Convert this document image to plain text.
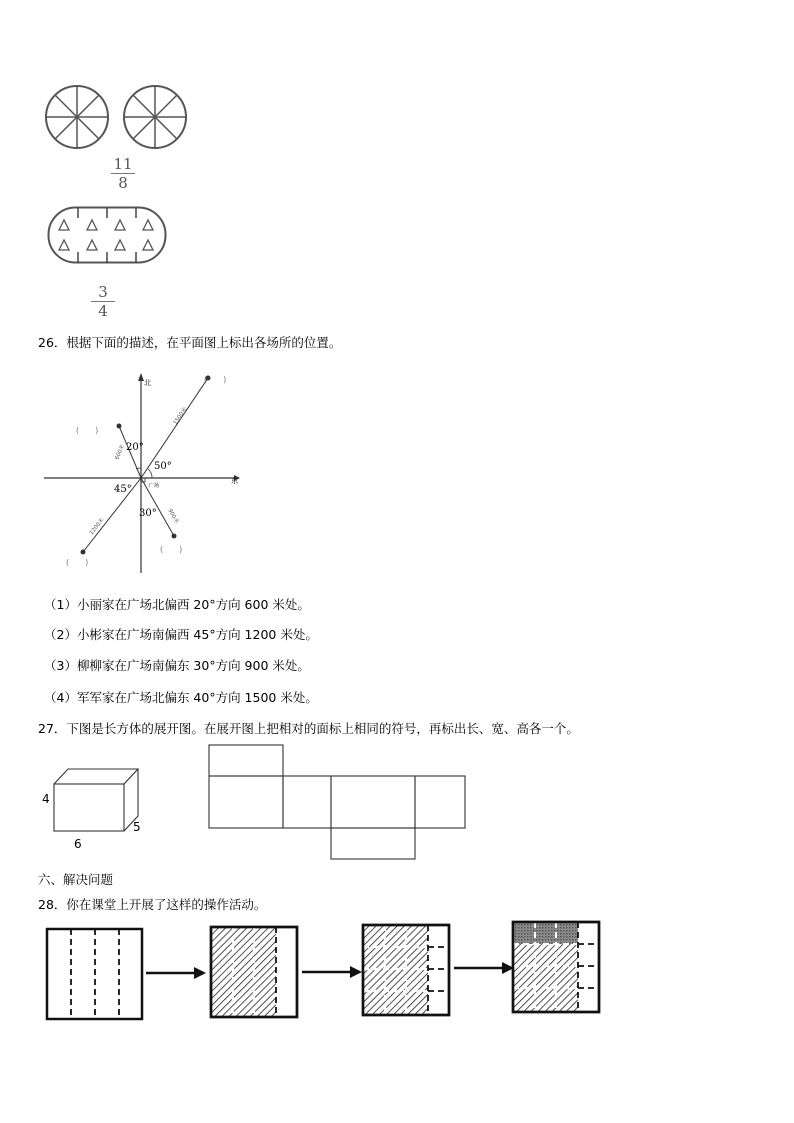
11
8
3
4
26．根据下面的描述，在平面图上标出各场所的位置。
北
东
广场
(　　)
(　　)
(　　)
(　　)
20°
50°
45°
30°
600米
1500米
1200米
900米
（1）小丽家在广场北偏西 20°方向 600 米处。
（2）小彬家在广场南偏西 45°方向 1200 米处。
（3）柳柳家在广场南偏东 30°方向 900 米处。
（4）军军家在广场北偏东 40°方向 1500 米处。
27．下图是长方体的展开图。在展开图上把相对的面标上相同的符号，再标出长、宽、高各一个。
4
5
6
六、解决问题
28．你在课堂上开展了这样的操作活动。
